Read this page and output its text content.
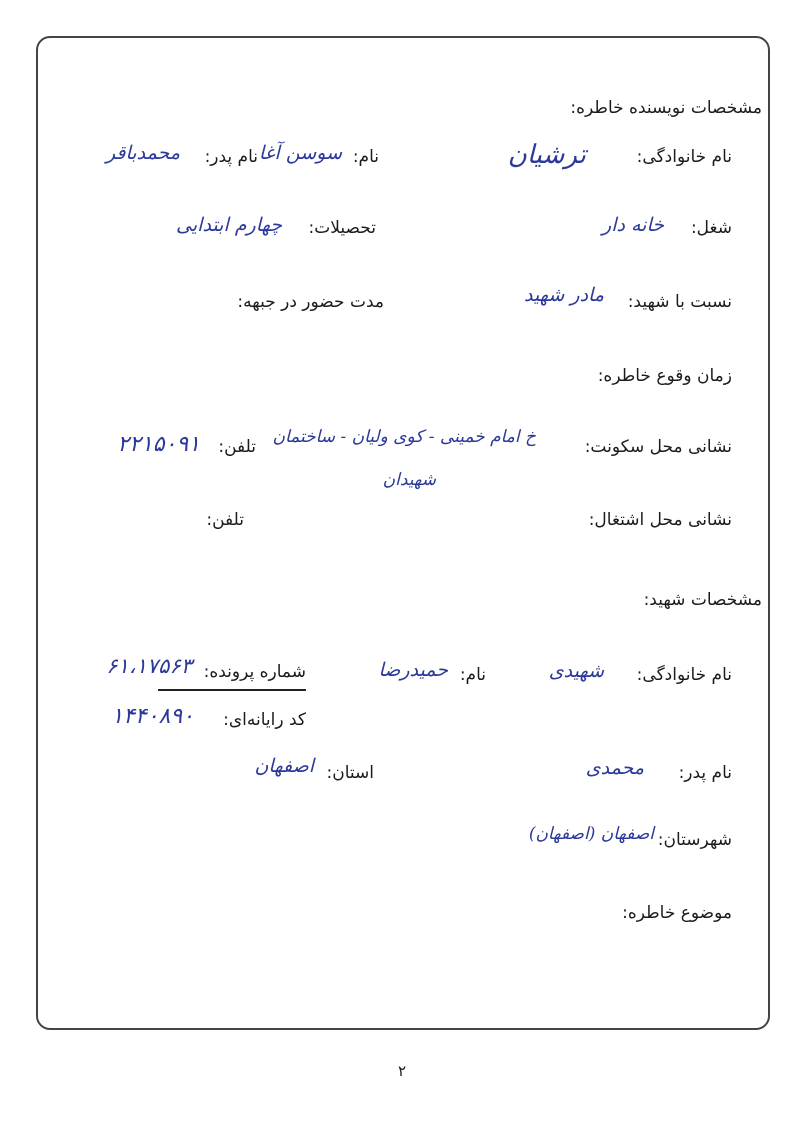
مشخصات نویسنده خاطره:
نام خانوادگی:
ترشیان
نام:
سوسن آغا
نام پدر:
محمدباقر
شغل:
خانه دار
تحصیلات:
چهارم ابتدایی
نسبت با شهید:
مادر شهید
مدت حضور در جبهه:
زمان وقوع خاطره:
نشانی محل سکونت:
خ امام خمینی - کوی ولیان - ساختمان
شهیدان
تلفن:
۲۲۱۵۰۹۱
نشانی محل اشتغال:
تلفن:
مشخصات شهید:
نام خانوادگی:
شهیدی
نام:
حمیدرضا
شماره پرونده:
۶۱،۱۷۵۶۳
کد رایانه‌ای:
۱۴۴۰۸۹۰
نام پدر:
محمدی
استان:
اصفهان
شهرستان:
اصفهان (اصفهان)
موضوع خاطره:
۲
